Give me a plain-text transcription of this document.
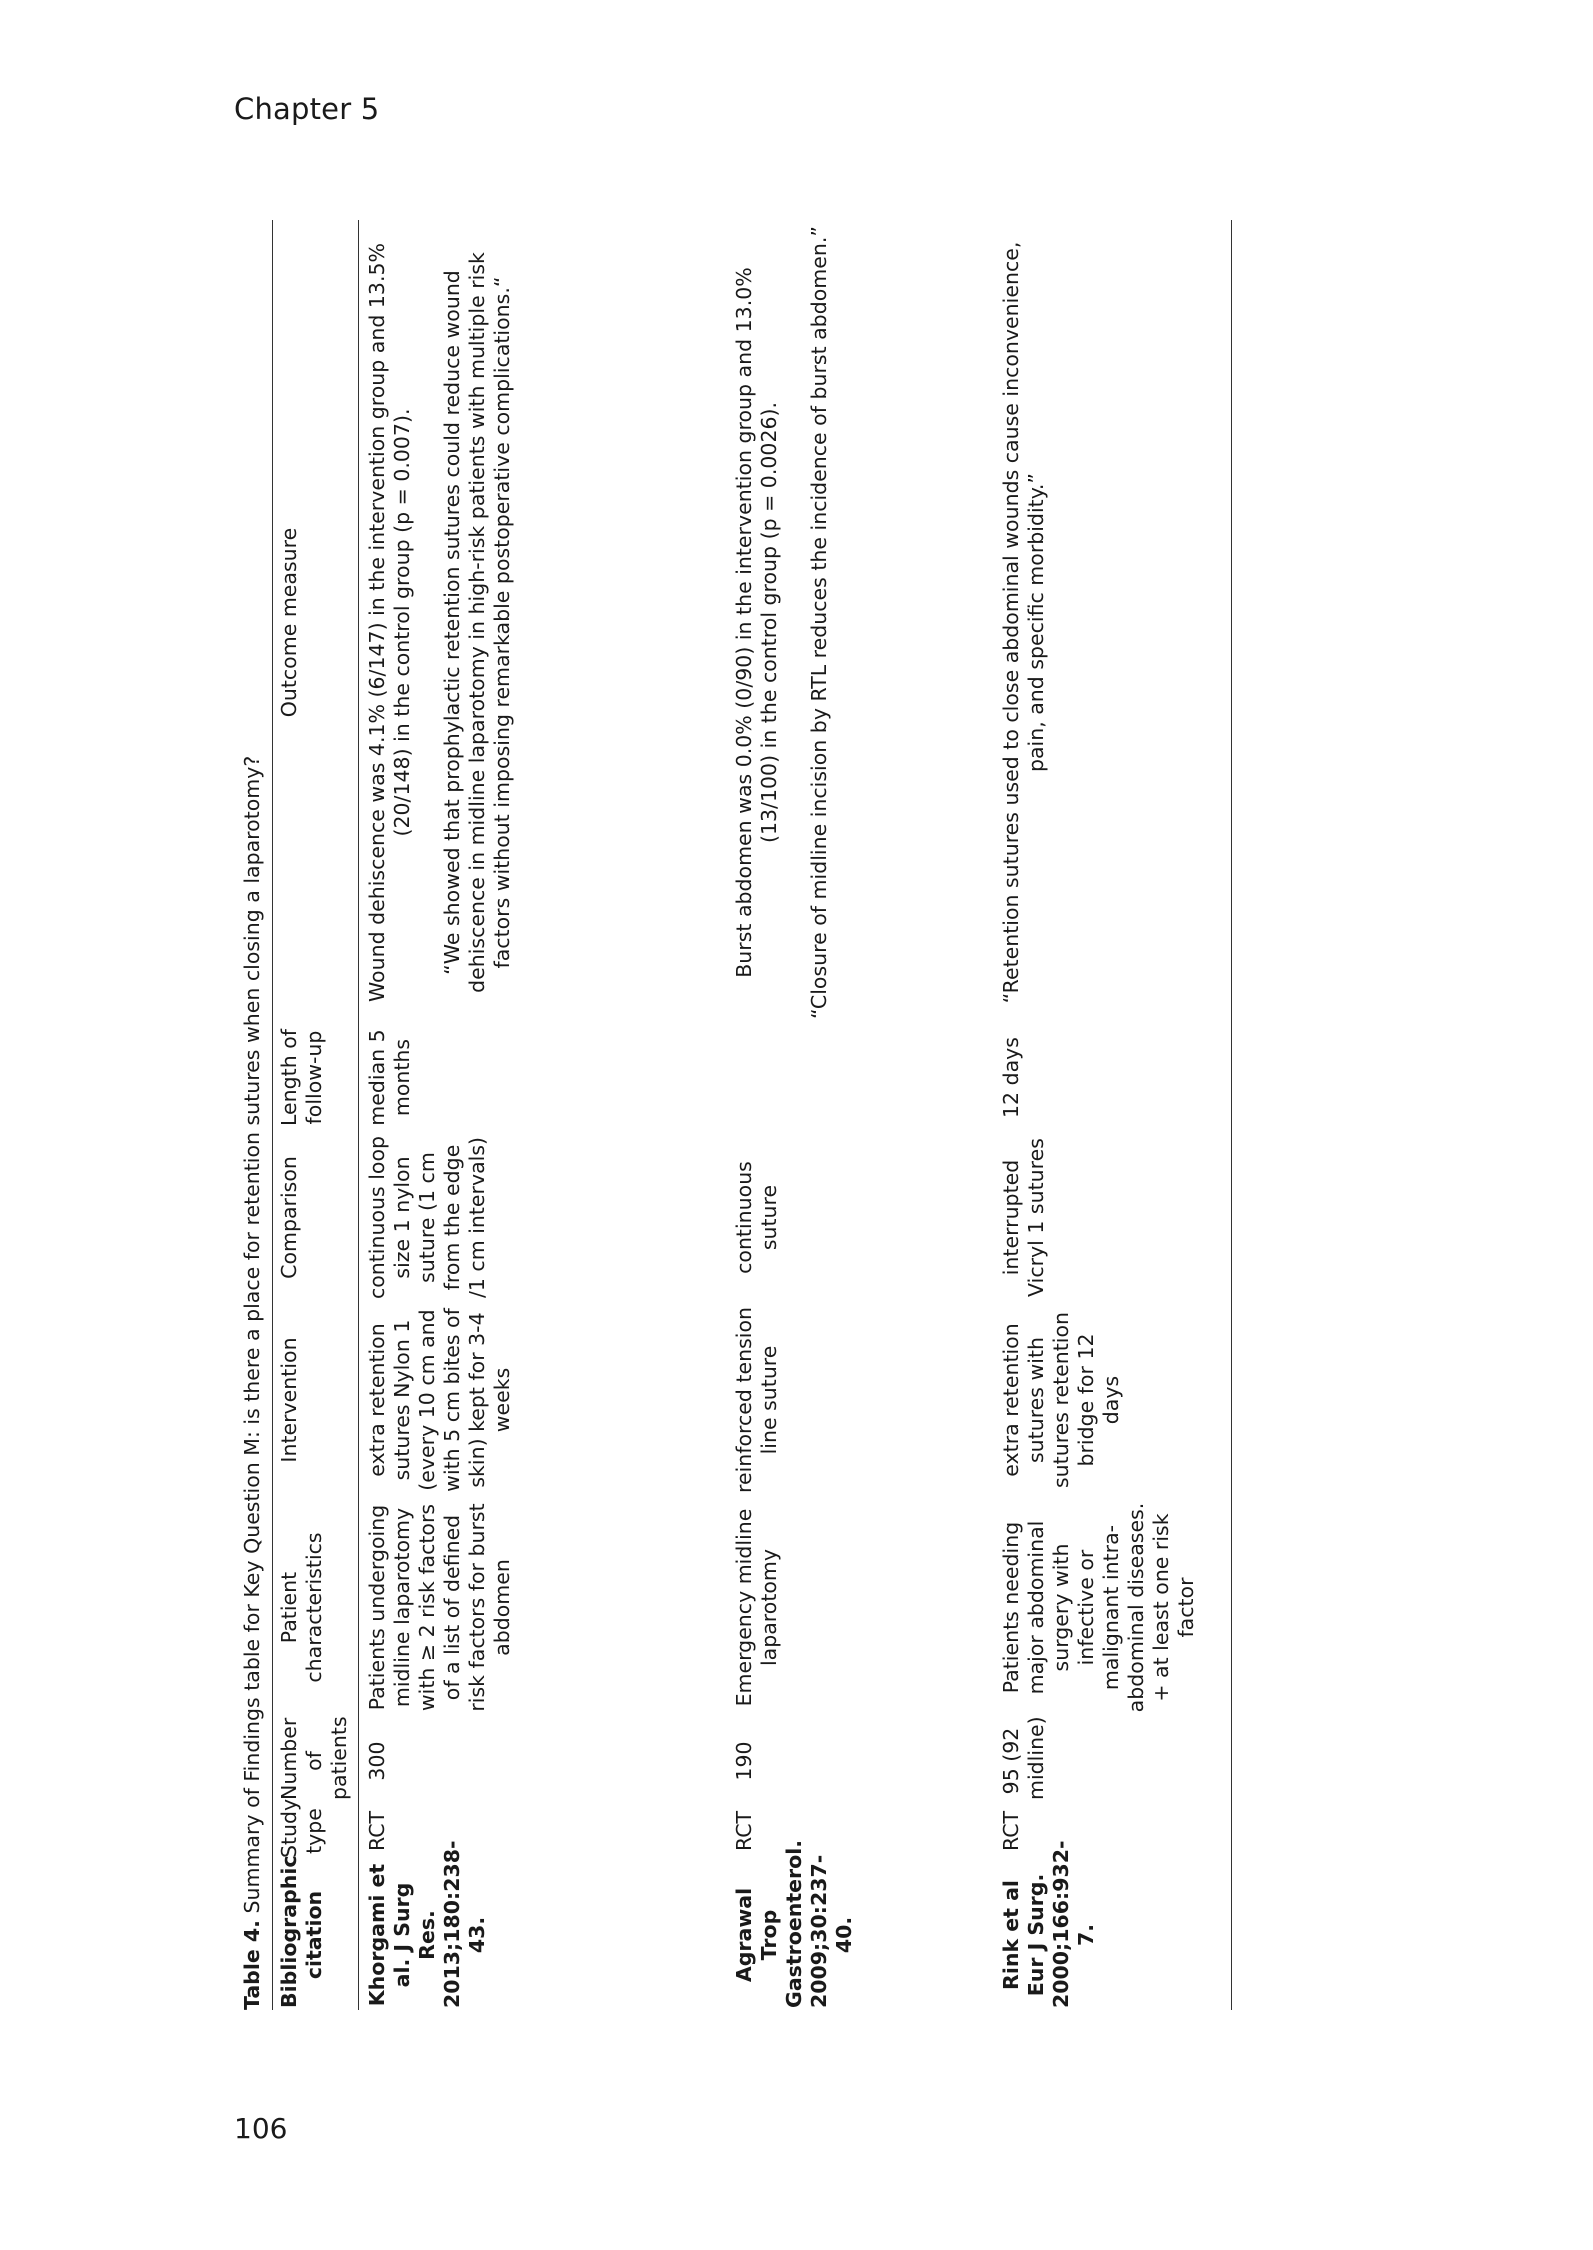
Chapter 5
Table 4. Summary of Findings table for Key Question M: is there a place for retention sutures when closing a laparotomy?
Bibliographic citation	Study type	Number of patients	Patient characteristics	Intervention	Comparison	Length of follow-up	Outcome measure
Khorgami et al. J Surg Res. 2013;180:238-43.	RCT	300	Patients undergoing midline laparotomy with ≥ 2 risk factors of a list of defined risk factors for burst abdomen	extra retention sutures Nylon 1 (every 10 cm and with 5 cm bites of skin) kept for 3-4 weeks	continuous loop size 1 nylon suture (1 cm from the edge /1 cm intervals)	median 5 months	Wound dehiscence was 4.1% (6/147) in the intervention group and 13.5% (20/148) in the control group (p = 0.007). “We showed that prophylactic retention sutures could reduce wound dehiscence in midline laparotomy in high-risk patients with multiple risk factors without imposing remarkable postoperative complications.“

Agrawal Trop Gastroenterol. 2009;30:237-40.	RCT	190	Emergency midline laparotomy	reinforced tension line suture	continuous suture		Burst abdomen was 0.0% (0/90) in the intervention group and 13.0% (13/100) in the control group (p = 0.0026). “Closure of midline incision by RTL reduces the incidence of burst abdomen.”

Rink et al Eur J Surg. 2000;166:932-7.	RCT	95 (92 midline)	Patients needing major abdominal surgery with infective or malignant intra-abdominal diseases. + at least one risk factor	extra retention sutures with sutures retention bridge for 12 days	interrupted Vicryl 1 sutures	12 days	“Retention sutures used to close abdominal wounds cause inconvenience, pain, and specific morbidity.”
106
